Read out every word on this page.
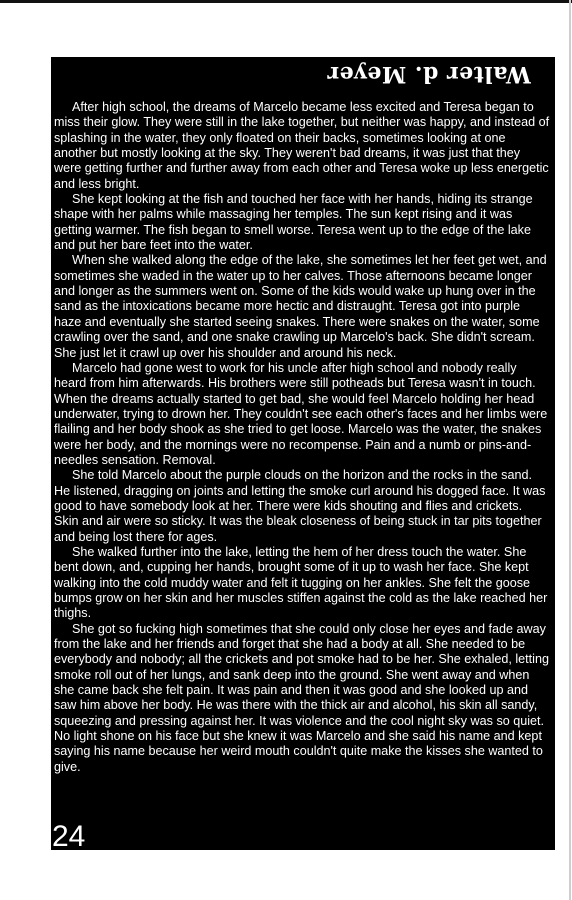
Walter d. Meyer

After high school, the dreams of Marcelo became less excited and Teresa began to miss their glow. They were still in the lake together, but neither was happy, and instead of splashing in the water, they only floated on their backs, sometimes looking at one another but mostly looking at the sky. They weren't bad dreams, it was just that they were getting further and further away from each other and Teresa woke up less energetic and less bright.

She kept looking at the fish and touched her face with her hands, hiding its strange shape with her palms while massaging her temples. The sun kept rising and it was getting warmer. The fish began to smell worse. Teresa went up to the edge of the lake and put her bare feet into the water.

When she walked along the edge of the lake, she sometimes let her feet get wet, and sometimes she waded in the water up to her calves. Those afternoons became longer and longer as the summers went on. Some of the kids would wake up hung over in the sand as the intoxications became more hectic and distraught. Teresa got into purple haze and eventually she started seeing snakes. There were snakes on the water, some crawling over the sand, and one snake crawling up Marcelo's back. She didn't scream. She just let it crawl up over his shoulder and around his neck.

Marcelo had gone west to work for his uncle after high school and nobody really heard from him afterwards. His brothers were still potheads but Teresa wasn't in touch. When the dreams actually started to get bad, she would feel Marcelo holding her head underwater, trying to drown her. They couldn't see each other's faces and her limbs were flailing and her body shook as she tried to get loose. Marcelo was the water, the snakes were her body, and the mornings were no recompense. Pain and a numb or pins-and-needles sensation. Removal.

She told Marcelo about the purple clouds on the horizon and the rocks in the sand. He listened, dragging on joints and letting the smoke curl around his dogged face. It was good to have somebody look at her. There were kids shouting and flies and crickets. Skin and air were so sticky. It was the bleak closeness of being stuck in tar pits together and being lost there for ages.

She walked further into the lake, letting the hem of her dress touch the water. She bent down, and, cupping her hands, brought some of it up to wash her face. She kept walking into the cold muddy water and felt it tugging on her ankles. She felt the goose bumps grow on her skin and her muscles stiffen against the cold as the lake reached her thighs.

She got so fucking high sometimes that she could only close her eyes and fade away from the lake and her friends and forget that she had a body at all. She needed to be everybody and nobody; all the crickets and pot smoke had to be her. She exhaled, letting smoke roll out of her lungs, and sank deep into the ground. She went away and when she came back she felt pain. It was pain and then it was good and she looked up and saw him above her body. He was there with the thick air and alcohol, his skin all sandy, squeezing and pressing against her. It was violence and the cool night sky was so quiet. No light shone on his face but she knew it was Marcelo and she said his name and kept saying his name because her weird mouth couldn't quite make the kisses she wanted to give.

24
